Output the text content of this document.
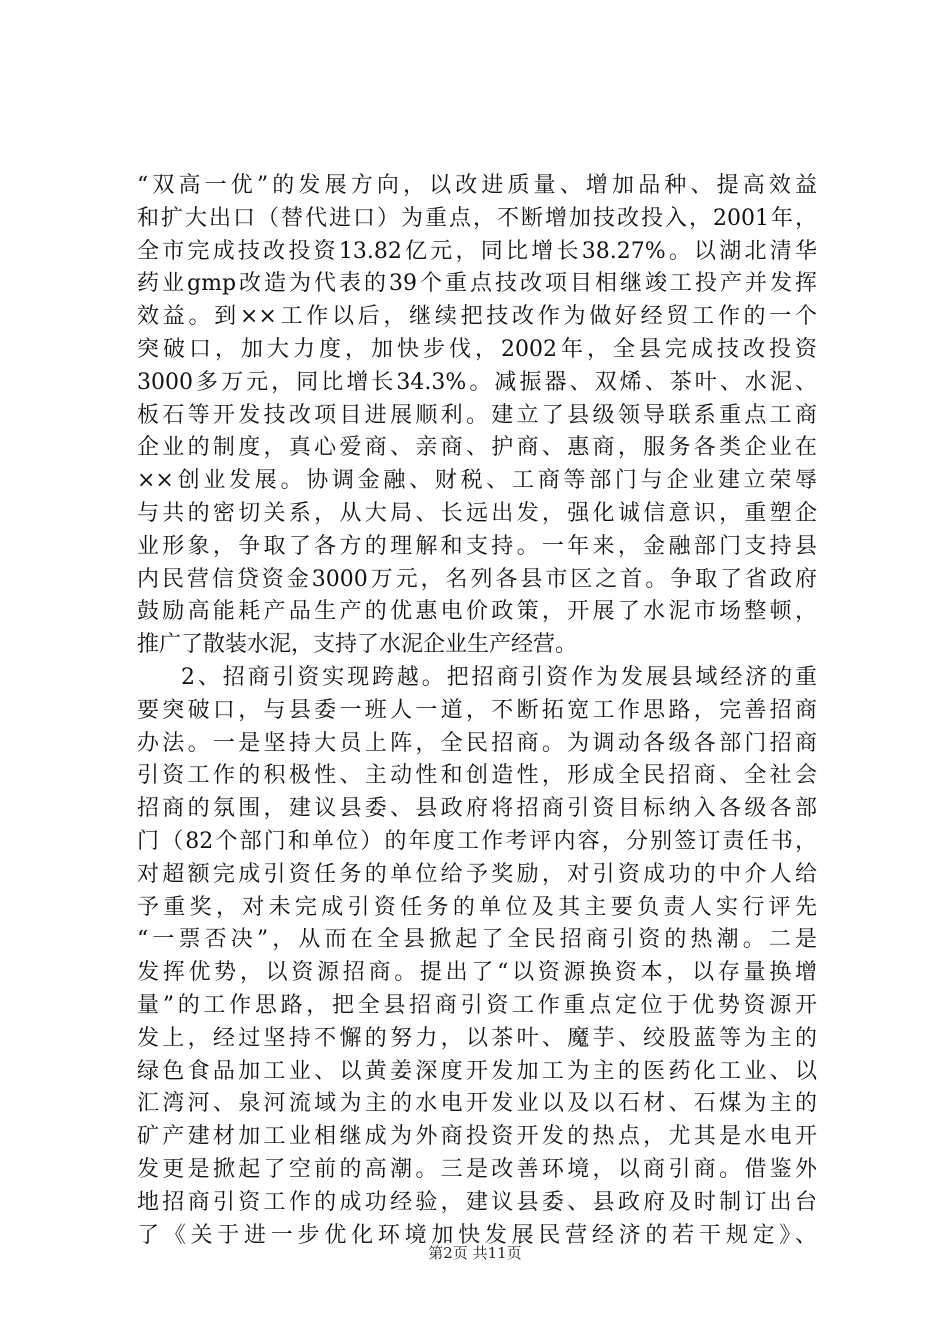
“双高一优”的发展方向，以改进质量、增加品种、提高效益
和扩大出口（替代进口）为重点，不断增加技改投入，2001年，
全市完成技改投资13.82亿元，同比增长38.27%。以湖北清华
药业gmp改造为代表的39个重点技改项目相继竣工投产并发挥
效益。到××工作以后，继续把技改作为做好经贸工作的一个
突破口，加大力度，加快步伐，2002年，全县完成技改投资
3000多万元，同比增长34.3%。减振器、双烯、茶叶、水泥、
板石等开发技改项目进展顺利。建立了县级领导联系重点工商
企业的制度，真心爱商、亲商、护商、惠商，服务各类企业在
××创业发展。协调金融、财税、工商等部门与企业建立荣辱
与共的密切关系，从大局、长远出发，强化诚信意识，重塑企
业形象，争取了各方的理解和支持。一年来，金融部门支持县
内民营信贷资金3000万元，名列各县市区之首。争取了省政府
鼓励高能耗产品生产的优惠电价政策，开展了水泥市场整顿，
推广了散装水泥，支持了水泥企业生产经营。
2、招商引资实现跨越。把招商引资作为发展县域经济的重
要突破口，与县委一班人一道，不断拓宽工作思路，完善招商
办法。一是坚持大员上阵，全民招商。为调动各级各部门招商
引资工作的积极性、主动性和创造性，形成全民招商、全社会
招商的氛围，建议县委、县政府将招商引资目标纳入各级各部
门（82个部门和单位）的年度工作考评内容，分别签订责任书，
对超额完成引资任务的单位给予奖励，对引资成功的中介人给
予重奖，对未完成引资任务的单位及其主要负责人实行评先
“一票否决”，从而在全县掀起了全民招商引资的热潮。二是
发挥优势，以资源招商。提出了“以资源换资本，以存量换增
量”的工作思路，把全县招商引资工作重点定位于优势资源开
发上，经过坚持不懈的努力，以茶叶、魔芋、绞股蓝等为主的
绿色食品加工业、以黄姜深度开发加工为主的医药化工业、以
汇湾河、泉河流域为主的水电开发业以及以石材、石煤为主的
矿产建材加工业相继成为外商投资开发的热点，尤其是水电开
发更是掀起了空前的高潮。三是改善环境，以商引商。借鉴外
地招商引资工作的成功经验，建议县委、县政府及时制订出台
了《关于进一步优化环境加快发展民营经济的若干规定》、
第2页 共11页
